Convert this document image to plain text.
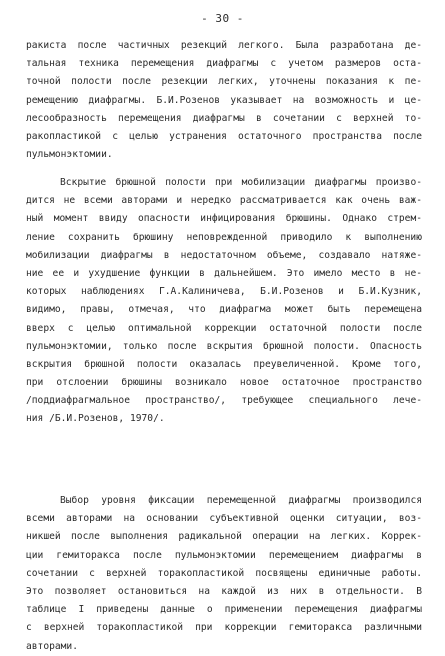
- 30 -
ракиста после частичных резекций легкого. Была разработана де-
тальная техника перемещения диафрагмы с учетом размеров оста-
точной полости после резекции легких, уточнены показания к пе-
ремещению диафрагмы. Б.И.Розенов указывает на возможность и це-
лесообразность перемещения диафрагмы в сочетании с верхней то-
ракопластикой с целью устранения остаточного пространства после
пульмонэктомии.
Вскрытие брюшной полости при мобилизации диафрагмы произво-
дится не всеми авторами и нередко рассматривается как очень важ-
ный момент ввиду опасности инфицирования брюшины. Однако стрем-
ление сохранить брюшину неповрежденной приводило к выполнению
мобилизации диафрагмы в недостаточном объеме, создавало натяже-
ние ее и ухудшение функции в дальнейшем. Это имело место в не-
которых наблюдениях Г.А.Калиничева, Б.И.Розенов и Б.И.Кузник,
видимо, правы, отмечая, что диафрагма может быть перемещена
вверх с целью оптимальной коррекции остаточной полости после
пульмонэктомии, только после вскрытия брюшной полости. Опасность
вскрытия брюшной полости оказалась преувеличенной. Кроме того,
при отслоении брюшины возникало новое остаточное пространство
/поддиафрагмальное пространство/, требующее специального лече-
ния /Б.И.Розенов, 1970/.
Выбор уровня фиксации перемещенной диафрагмы производился
всеми авторами на основании субъективной оценки ситуации, воз-
никшей после выполнения радикальной операции на легких. Коррек-
ции гемиторакса после пульмонэктомии перемещением диафрагмы в
сочетании с верхней торакопластикой посвящены единичные работы.
Это позволяет остановиться на каждой из них в отдельности. В
таблице I приведены данные о применении перемещения диафрагмы
с верхней торакопластикой при коррекции гемиторакса различными
авторами.
